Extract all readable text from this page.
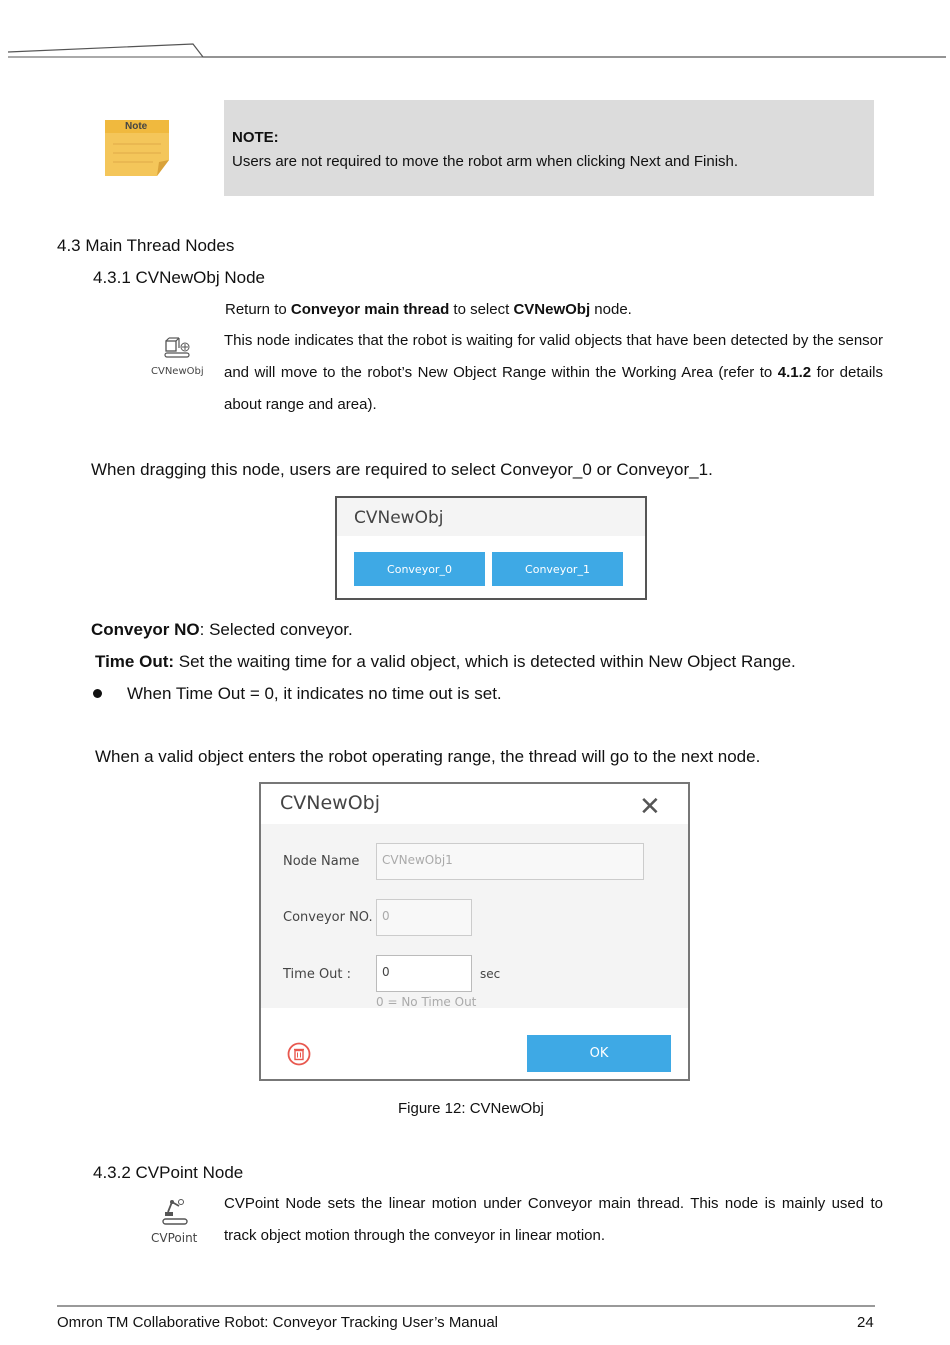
Note
NOTE:
Users are not required to move the robot arm when clicking Next and Finish.
4.3 Main Thread Nodes
4.3.1 CVNewObj Node
CVNewObj
Return to Conveyor main thread to select CVNewObj node.
This node indicates that the robot is waiting for valid objects that have been detected by the sensor and will move to the robot’s New Object Range within the Working Area (refer to 4.1.2 for details about range and area).
When dragging this node, users are required to select Conveyor_0 or Conveyor_1.
CVNewObj
Conveyor_0	Conveyor_1
Conveyor NO: Selected conveyor.
Time Out: Set the waiting time for a valid object, which is detected within New Object Range.
When Time Out = 0, it indicates no time out is set.
When a valid object enters the robot operating range, the thread will go to the next node.
CVNewObj	✕
Node Name	CVNewObj1
Conveyor NO. 0
Time Out :	0	sec
0 = No Time Out
OK
Figure 12: CVNewObj
4.3.2 CVPoint Node
CVPoint
CVPoint Node sets the linear motion under Conveyor main thread. This node is mainly used to track object motion through the conveyor in linear motion.
Omron TM Collaborative Robot: Conveyor Tracking User’s Manual	24
